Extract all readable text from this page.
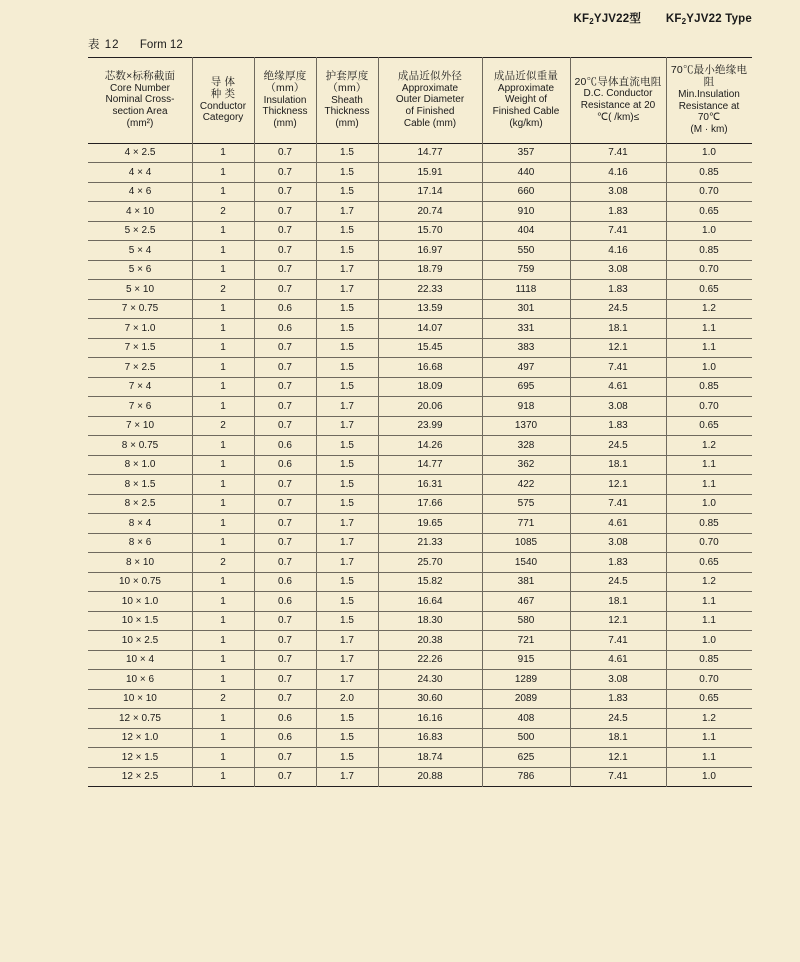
$KF_2YJV22$型 $KF_2YJV22$ Type
表 12 Form 12
芯数×标称截面
Core Number
Nominal Cross-
section Area
(mm²)	导 体
种 类
Conductor
Category	绝缘厚度
（mm）
Insulation
Thickness
(mm)	护套厚度
（mm）
Sheath
Thickness
(mm)	成品近似外径
Approximate
Outer Diameter
of Finished
Cable (mm)	成品近似重量
Approximate
Weight of
Finished Cable
(kg/km)	20℃导体直流电阻
D.C. Conductor
Resistance at 20
℃( /km)≤	70℃最小绝缘电阻
Min.Insulation
Resistance at 70℃
(M · km)

4 × 2.5	1	0.7	1.5	14.77	357	7.41	1.0
4 × 4	1	0.7	1.5	15.91	440	4.16	0.85
4 × 6	1	0.7	1.5	17.14	660	3.08	0.70
4 × 10	2	0.7	1.7	20.74	910	1.83	0.65
5 × 2.5	1	0.7	1.5	15.70	404	7.41	1.0
5 × 4	1	0.7	1.5	16.97	550	4.16	0.85
5 × 6	1	0.7	1.7	18.79	759	3.08	0.70
5 × 10	2	0.7	1.7	22.33	1118	1.83	0.65
7 × 0.75	1	0.6	1.5	13.59	301	24.5	1.2
7 × 1.0	1	0.6	1.5	14.07	331	18.1	1.1
7 × 1.5	1	0.7	1.5	15.45	383	12.1	1.1
7 × 2.5	1	0.7	1.5	16.68	497	7.41	1.0
7 × 4	1	0.7	1.5	18.09	695	4.61	0.85
7 × 6	1	0.7	1.7	20.06	918	3.08	0.70
7 × 10	2	0.7	1.7	23.99	1370	1.83	0.65
8 × 0.75	1	0.6	1.5	14.26	328	24.5	1.2
8 × 1.0	1	0.6	1.5	14.77	362	18.1	1.1
8 × 1.5	1	0.7	1.5	16.31	422	12.1	1.1
8 × 2.5	1	0.7	1.5	17.66	575	7.41	1.0
8 × 4	1	0.7	1.7	19.65	771	4.61	0.85
8 × 6	1	0.7	1.7	21.33	1085	3.08	0.70
8 × 10	2	0.7	1.7	25.70	1540	1.83	0.65
10 × 0.75	1	0.6	1.5	15.82	381	24.5	1.2
10 × 1.0	1	0.6	1.5	16.64	467	18.1	1.1
10 × 1.5	1	0.7	1.5	18.30	580	12.1	1.1
10 × 2.5	1	0.7	1.7	20.38	721	7.41	1.0
10 × 4	1	0.7	1.7	22.26	915	4.61	0.85
10 × 6	1	0.7	1.7	24.30	1289	3.08	0.70
10 × 10	2	0.7	2.0	30.60	2089	1.83	0.65
12 × 0.75	1	0.6	1.5	16.16	408	24.5	1.2
12 × 1.0	1	0.6	1.5	16.83	500	18.1	1.1
12 × 1.5	1	0.7	1.5	18.74	625	12.1	1.1
12 × 2.5	1	0.7	1.7	20.88	786	7.41	1.0
